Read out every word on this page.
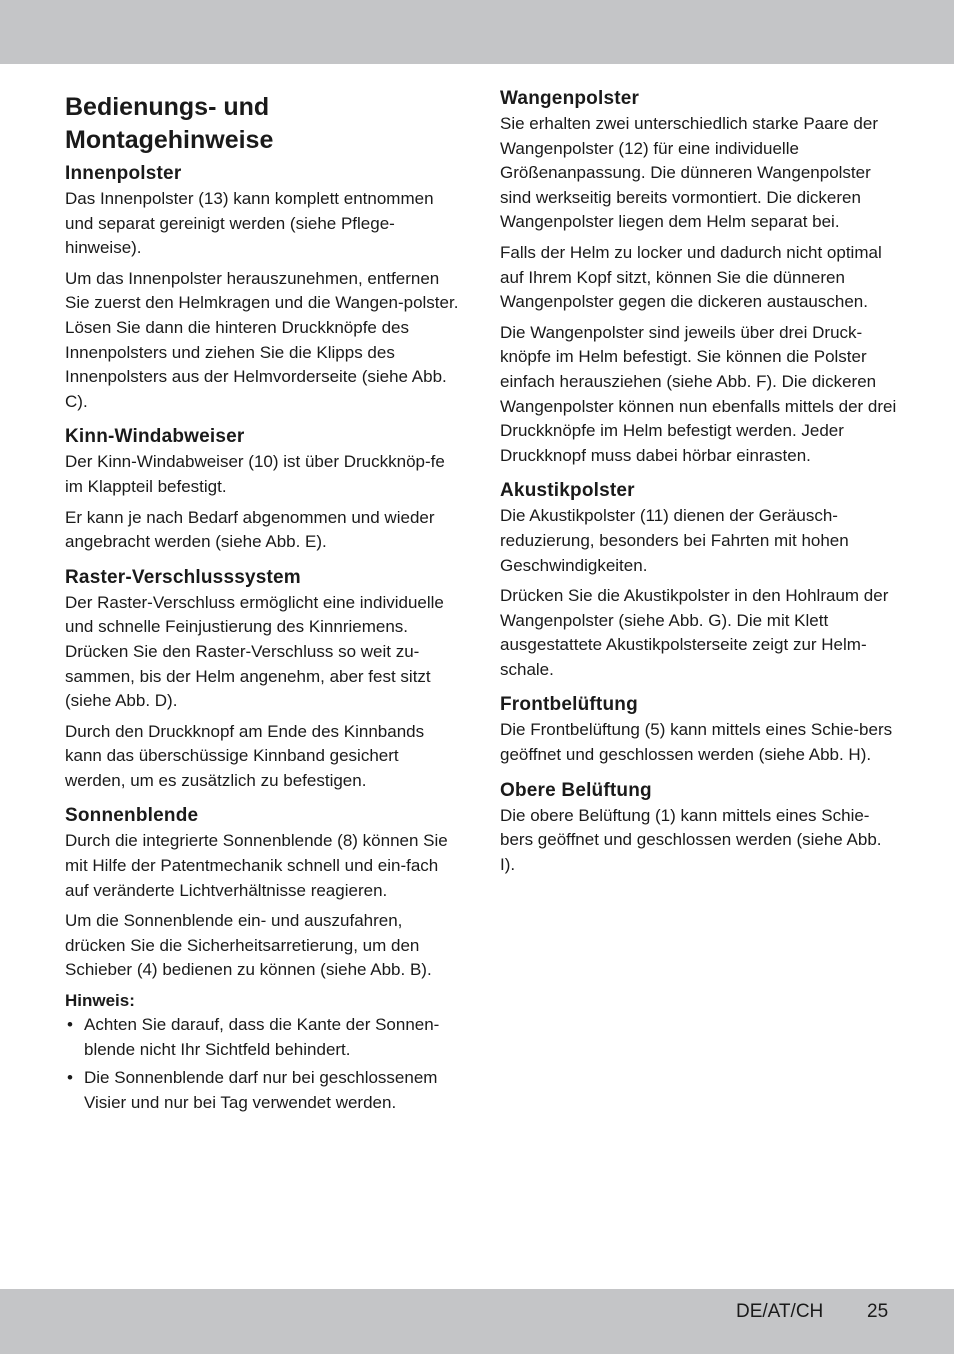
Bedienungs- und Montagehinweise
Innenpolster

Das Innenpolster (13) kann komplett entnommen und separat gereinigt werden (siehe Pflege-hinweise).

Um das Innenpolster herauszunehmen, entfernen Sie zuerst den Helmkragen und die Wangen-polster. Lösen Sie dann die hinteren Druckknöpfe des Innenpolsters und ziehen Sie die Klipps des Innenpolsters aus der Helmvorderseite (siehe Abb. C).

Kinn-Windabweiser

Der Kinn-Windabweiser (10) ist über Druckknöp-fe im Klappteil befestigt.

Er kann je nach Bedarf abgenommen und wieder angebracht werden (siehe Abb. E).

Raster-Verschlusssystem

Der Raster-Verschluss ermöglicht eine individuelle und schnelle Feinjustierung des Kinnriemens. Drücken Sie den Raster-Verschluss so weit zu-sammen, bis der Helm angenehm, aber fest sitzt (siehe Abb. D).

Durch den Druckknopf am Ende des Kinnbands kann das überschüssige Kinnband gesichert werden, um es zusätzlich zu befestigen.

Sonnenblende

Durch die integrierte Sonnenblende (8) können Sie mit Hilfe der Patentmechanik schnell und ein-fach auf veränderte Lichtverhältnisse reagieren.

Um die Sonnenblende ein- und auszufahren, drücken Sie die Sicherheitsarretierung, um den Schieber (4) bedienen zu können (siehe Abb. B).

Hinweis:
• Achten Sie darauf, dass die Kante der Sonnen-blende nicht Ihr Sichtfeld behindert.
• Die Sonnenblende darf nur bei geschlossenem Visier und nur bei Tag verwendet werden.
Wangenpolster

Sie erhalten zwei unterschiedlich starke Paare der Wangenpolster (12) für eine individuelle Größenanpassung. Die dünneren Wangenpolster sind werkseitig bereits vormontiert. Die dickeren Wangenpolster liegen dem Helm separat bei.

Falls der Helm zu locker und dadurch nicht optimal auf Ihrem Kopf sitzt, können Sie die dünneren Wangenpolster gegen die dickeren austauschen.

Die Wangenpolster sind jeweils über drei Druck-knöpfe im Helm befestigt. Sie können die Polster einfach herausziehen (siehe Abb. F). Die dickeren Wangenpolster können nun ebenfalls mittels der drei Druckknöpfe im Helm befestigt werden. Jeder Druckknopf muss dabei hörbar einrasten.

Akustikpolster

Die Akustikpolster (11) dienen der Geräusch-reduzierung, besonders bei Fahrten mit hohen Geschwindigkeiten.

Drücken Sie die Akustikpolster in den Hohlraum der Wangenpolster (siehe Abb. G). Die mit Klett ausgestattete Akustikpolsterseite zeigt zur Helm-schale.

Frontbelüftung

Die Frontbelüftung (5) kann mittels eines Schie-bers geöffnet und geschlossen werden (siehe Abb. H).

Obere Belüftung

Die obere Belüftung (1) kann mittels eines Schie-bers geöffnet und geschlossen werden (siehe Abb. I).

DE/AT/CH 25
